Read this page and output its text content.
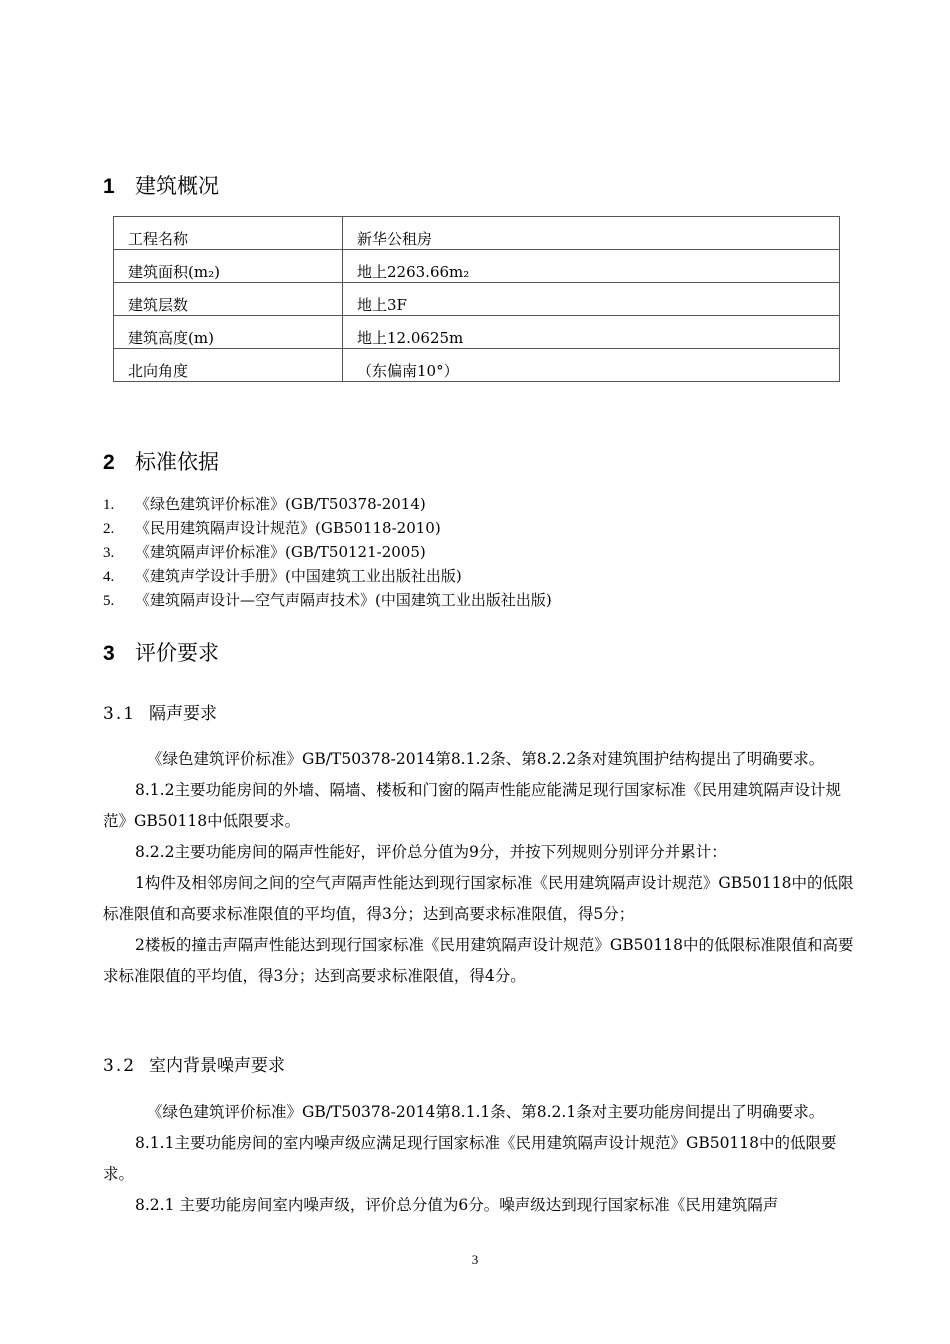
1 建筑概况
工程名称	新华公租房
建筑面积(m₂)	地上2263.66m₂
建筑层数	地上3F
建筑高度(m)	地上12.0625m
北向角度	（东偏南10°）
2 标准依据
1. 《绿色建筑评价标准》(GB/T50378-2014)
2. 《民用建筑隔声设计规范》(GB50118-2010)
3. 《建筑隔声评价标准》(GB/T50121-2005)
4. 《建筑声学设计手册》(中国建筑工业出版社出版)
5. 《建筑隔声设计—空气声隔声技术》(中国建筑工业出版社出版)
3 评价要求
3.1 隔声要求
《绿色建筑评价标准》GB/T50378-2014第8.1.2条、第8.2.2条对建筑围护结构提出了明确要求。
8.1.2主要功能房间的外墙、隔墙、楼板和门窗的隔声性能应能满足现行国家标准《民用建筑隔声设计规范》GB50118中低限要求。
8.2.2主要功能房间的隔声性能好，评价总分值为9分，并按下列规则分别评分并累计：
1构件及相邻房间之间的空气声隔声性能达到现行国家标准《民用建筑隔声设计规范》GB50118中的低限标准限值和高要求标准限值的平均值，得3分；达到高要求标准限值，得5分；
2楼板的撞击声隔声性能达到现行国家标准《民用建筑隔声设计规范》GB50118中的低限标准限值和高要求标准限值的平均值，得3分；达到高要求标准限值，得4分。
3.2 室内背景噪声要求
《绿色建筑评价标准》GB/T50378-2014第8.1.1条、第8.2.1条对主要功能房间提出了明确要求。
8.1.1主要功能房间的室内噪声级应满足现行国家标准《民用建筑隔声设计规范》GB50118中的低限要求。
8.2.1 主要功能房间室内噪声级，评价总分值为6分。噪声级达到现行国家标准《民用建筑隔声
3
